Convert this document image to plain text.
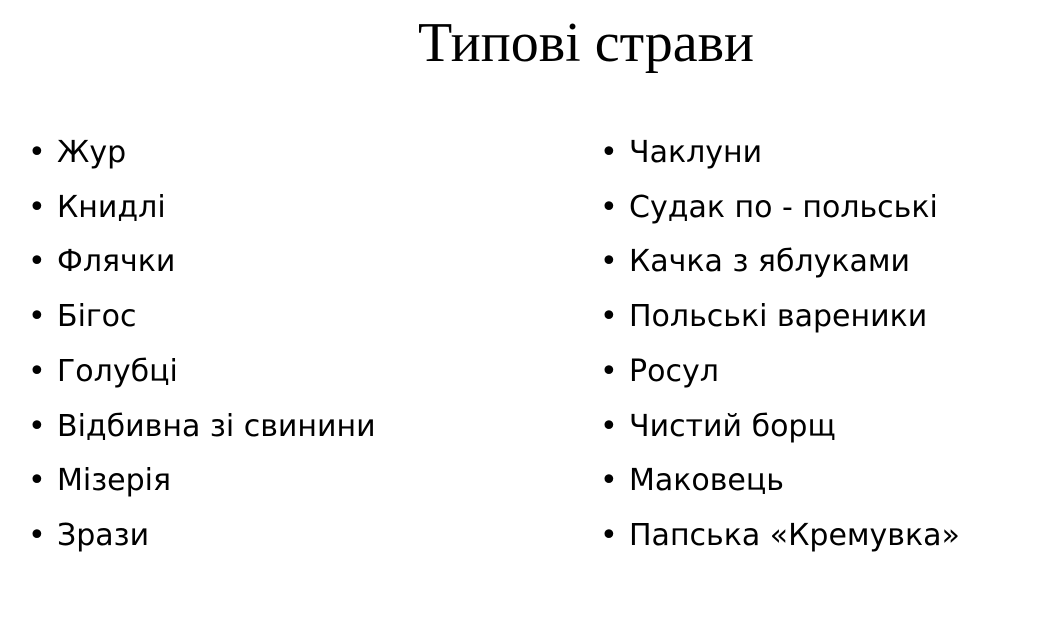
Типові страви
• Жур
• Книдлі
• Флячки
• Бігос
• Голубці
• Відбивна зі свинини
• Мізерія
• Зрази
• Чаклуни
• Судак по - польські
• Качка з яблуками
• Польські вареники
• Росул
• Чистий борщ
• Маковець
• Папська «Кремувка»
